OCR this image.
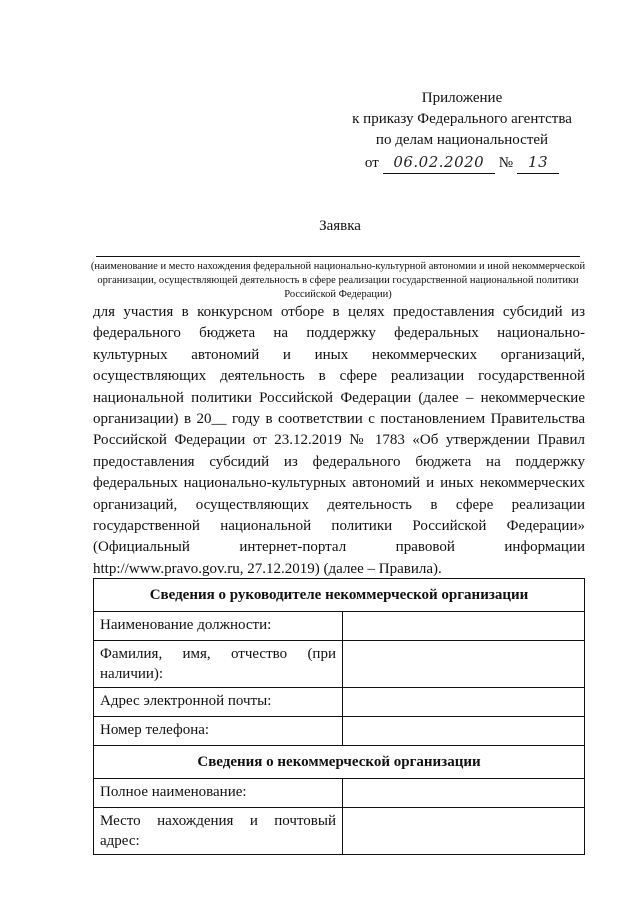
Приложение
к приказу Федерального агентства
по делам национальностей
от 06.02.2020 № 13
Заявка
(наименование и место нахождения федеральной национально-культурной автономии и иной некоммерческой организации, осуществляющей деятельность в сфере реализации государственной национальной политики Российской Федерации)

для участия в конкурсном отборе в целях предоставления субсидий из федерального бюджета на поддержку федеральных национально-культурных автономий и иных некоммерческих организаций, осуществляющих деятельность в сфере реализации государственной национальной политики Российской Федерации (далее – некоммерческие организации) в 20__ году в соответствии с постановлением Правительства Российской Федерации от 23.12.2019 № 1783 «Об утверждении Правил предоставления субсидий из федерального бюджета на поддержку федеральных национально-культурных автономий и иных некоммерческих организаций, осуществляющих деятельность в сфере реализации государственной национальной политики Российской Федерации» (Официальный интернет-портал правовой информации http://www.pravo.gov.ru, 27.12.2019) (далее – Правила).

Сведения о руководителе некоммерческой организации	
Наименование должности:	

Фамилия, имя, отчество (при наличии):	

Адрес электронной почты:	
Номер телефона:	
Сведения о некоммерческой организации	
Полное наименование:	

Место нахождения и почтовый адрес:	
